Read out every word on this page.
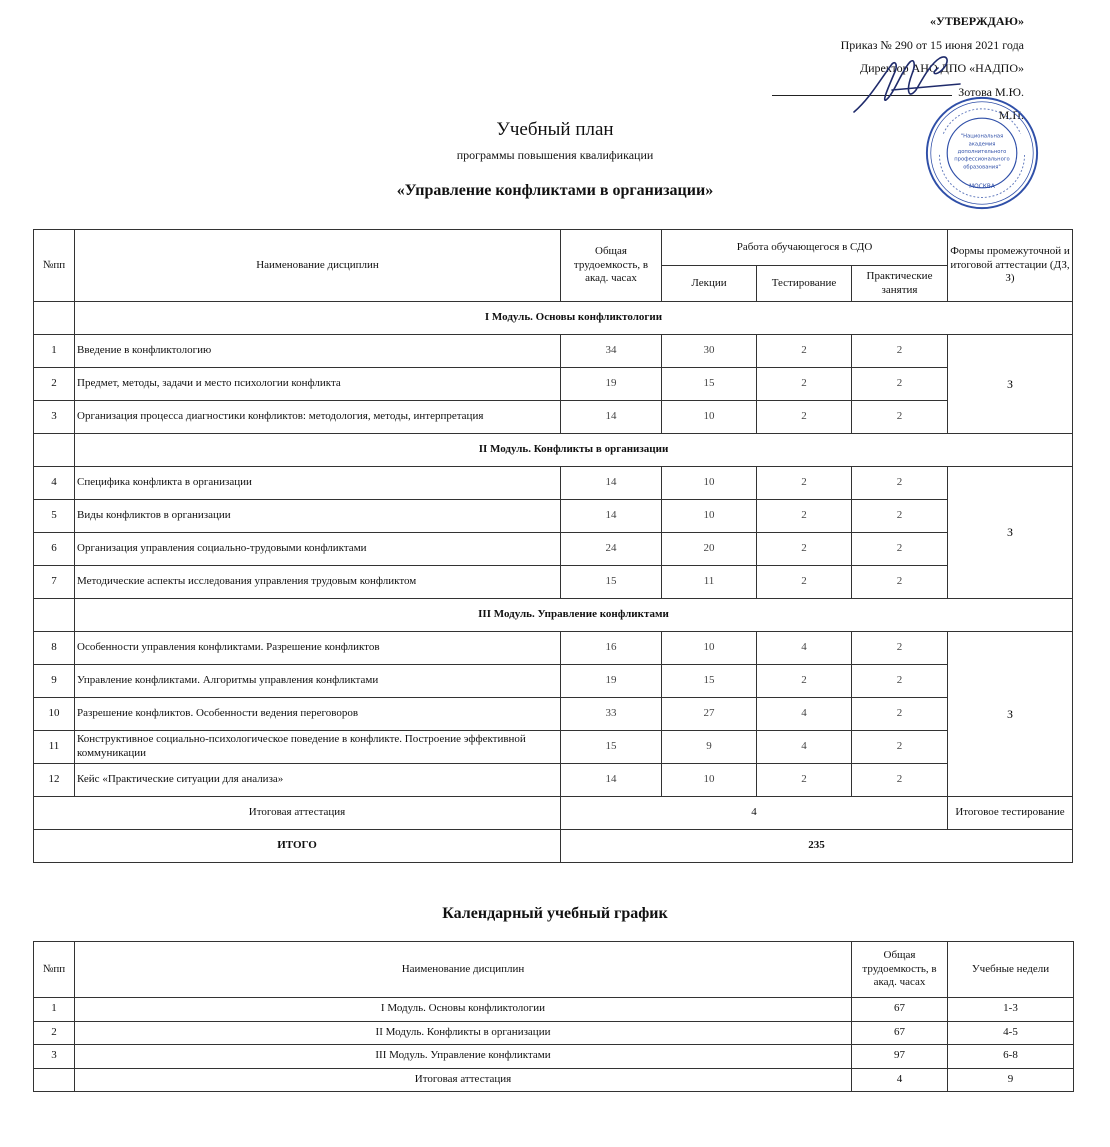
«УТВЕРЖДАЮ»
Приказ № 290 от 15 июня 2021 года
Директор АНО ДПО «НАДПО»
Зотова М.Ю.
М.П.
"Национальная
академия
дополнительного
профессионального
образования"
МОСКВА
Учебный план
программы повышения квалификации
«Управление конфликтами в организации»
№пп	Наименование дисциплин	Общая трудоемкость, в акад. часах	Работа обучающегося в СДО			Формы промежуточной и итоговой аттестации (ДЗ, З)
			Лекции	Тестирование	Практические занятия	
	I Модуль. Основы конфликтологии					
1	Введение в конфликтологию	34	30	2	2	З
2	Предмет, методы, задачи и место психологии конфликта	19	15	2	2	
3	Организация процесса диагностики конфликтов: методология, методы, интерпретация	14	10	2	2	
	II Модуль. Конфликты в организации					
4	Специфика конфликта в организации	14	10	2	2	З
5	Виды конфликтов в организации	14	10	2	2	
6	Организация управления социально-трудовыми конфликтами	24	20	2	2	
7	Методические аспекты исследования управления трудовым конфликтом	15	11	2	2	
	III Модуль. Управление конфликтами					
8	Особенности управления конфликтами. Разрешение конфликтов	16	10	4	2	З
9	Управление конфликтами. Алгоритмы управления конфликтами	19	15	2	2	
10	Разрешение конфликтов. Особенности ведения переговоров	33	27	4	2	
11	Конструктивное социально-психологическое поведение в конфликте. Построение эффективной коммуникации	15	9	4	2	
12	Кейс «Практические ситуации для анализа»	14	10	2	2	
Итоговая аттестация		4				Итоговое тестирование
ИТОГО		235				
Календарный учебный график
№пп	Наименование дисциплин	Общая трудоемкость, в акад. часах	Учебные недели
1	I Модуль. Основы конфликтологии	67	1-3
2	II Модуль. Конфликты в организации	67	4-5
3	III Модуль. Управление конфликтами	97	6-8
	Итоговая аттестация	4	9
